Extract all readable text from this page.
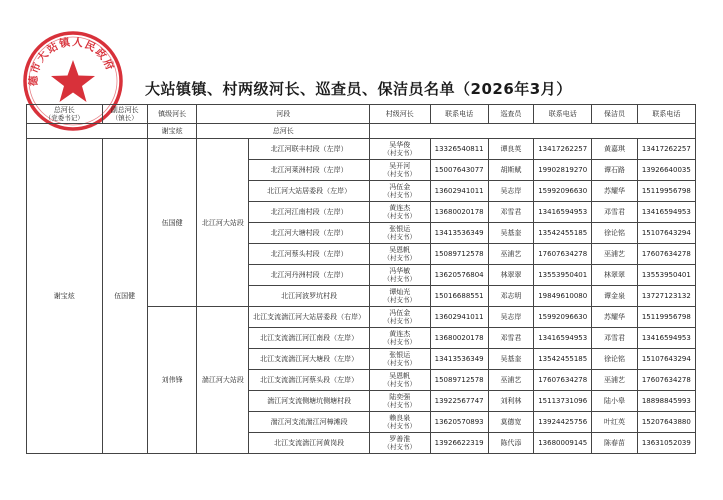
德市大站镇人民政府
大站镇镇、村两级河长、巡查员、保洁员名单（2026年3月）
总河长
（党委书记）	副总河长
（镇长）	镇级河长	河段		村级河长	联系电话	巡查员	联系电话	保洁员	联系电话
		谢宝炫	总河长							
谢宝炫	伍国健	伍国健	北江河大站段	北江河联丰村段（左岸）	吴华俊
（村支书）	13326540811	谭良英	13417262257	黄嘉琪	13417262257
				北江河莱洲村段（左岸）	吴开河
（村支书）	15007643077	胡斯赋	19902819270	谭石路	13926640035
				北江河大站居委段（左岸）	冯伍金
（村支书）	13602941011	吴志岸	15992096630	苏耀华	15119956798
				北江河江南村段（左岸）	黄连杰
（村支书）	13680020178	邓雪君	13416594953	邓雪君	13416594953
				北江河大塘村段（左岸）	张银运
（村支书）	13413536349	吴基奎	13542455185	徐论铭	15107643294
				北江河蔡头村段（左岸）	吴恩帆
（村支书）	15089712578	巫浦艺	17607634278	巫浦艺	17607634278
				北江河丹洲村段（左岸）	冯华敏
（村支书）	13620576804	林翠翠	13553950401	林翠翠	13553950401
				北江河波罗坑村段	谭灿光
（村支书）	15016688551	邓志明	19849610080	谭金泉	13727123132
		刘伟锋	湍江河大站段	北江支流湍江河大站居委段（右岸）	冯伍金
（村支书）	13602941011	吴志岸	15992096630	苏耀华	15119956798
				北江支流湍江河江南段（左岸）	黄连杰
（村支书）	13680020178	邓雪君	13416594953	邓雪君	13416594953
				北江支流湍江河大塘段（左岸）	张银运
（村支书）	13413536349	吴基奎	13542455185	徐论铭	15107643294
				北江支流湍江河蔡头段（左岸）	吴恩帆
（村支书）	15089712578	巫浦艺	17607634278	巫浦艺	17607634278
				湍江河支流侧塘坑侧塘村段	陆奕强
（村支书）	13922567747	刘利林	15113731096	陆小皋	18898845993
				湍江河支流湍江河樟滩段	赖良泉
（村支书）	13620570893	莫德宽	13924425756	叶红英	15207643880
				北江支流湍江河黄岗段	罗善淮
（村支书）	13926622319	陈代添	13680009145	陈春苗	13631052039
